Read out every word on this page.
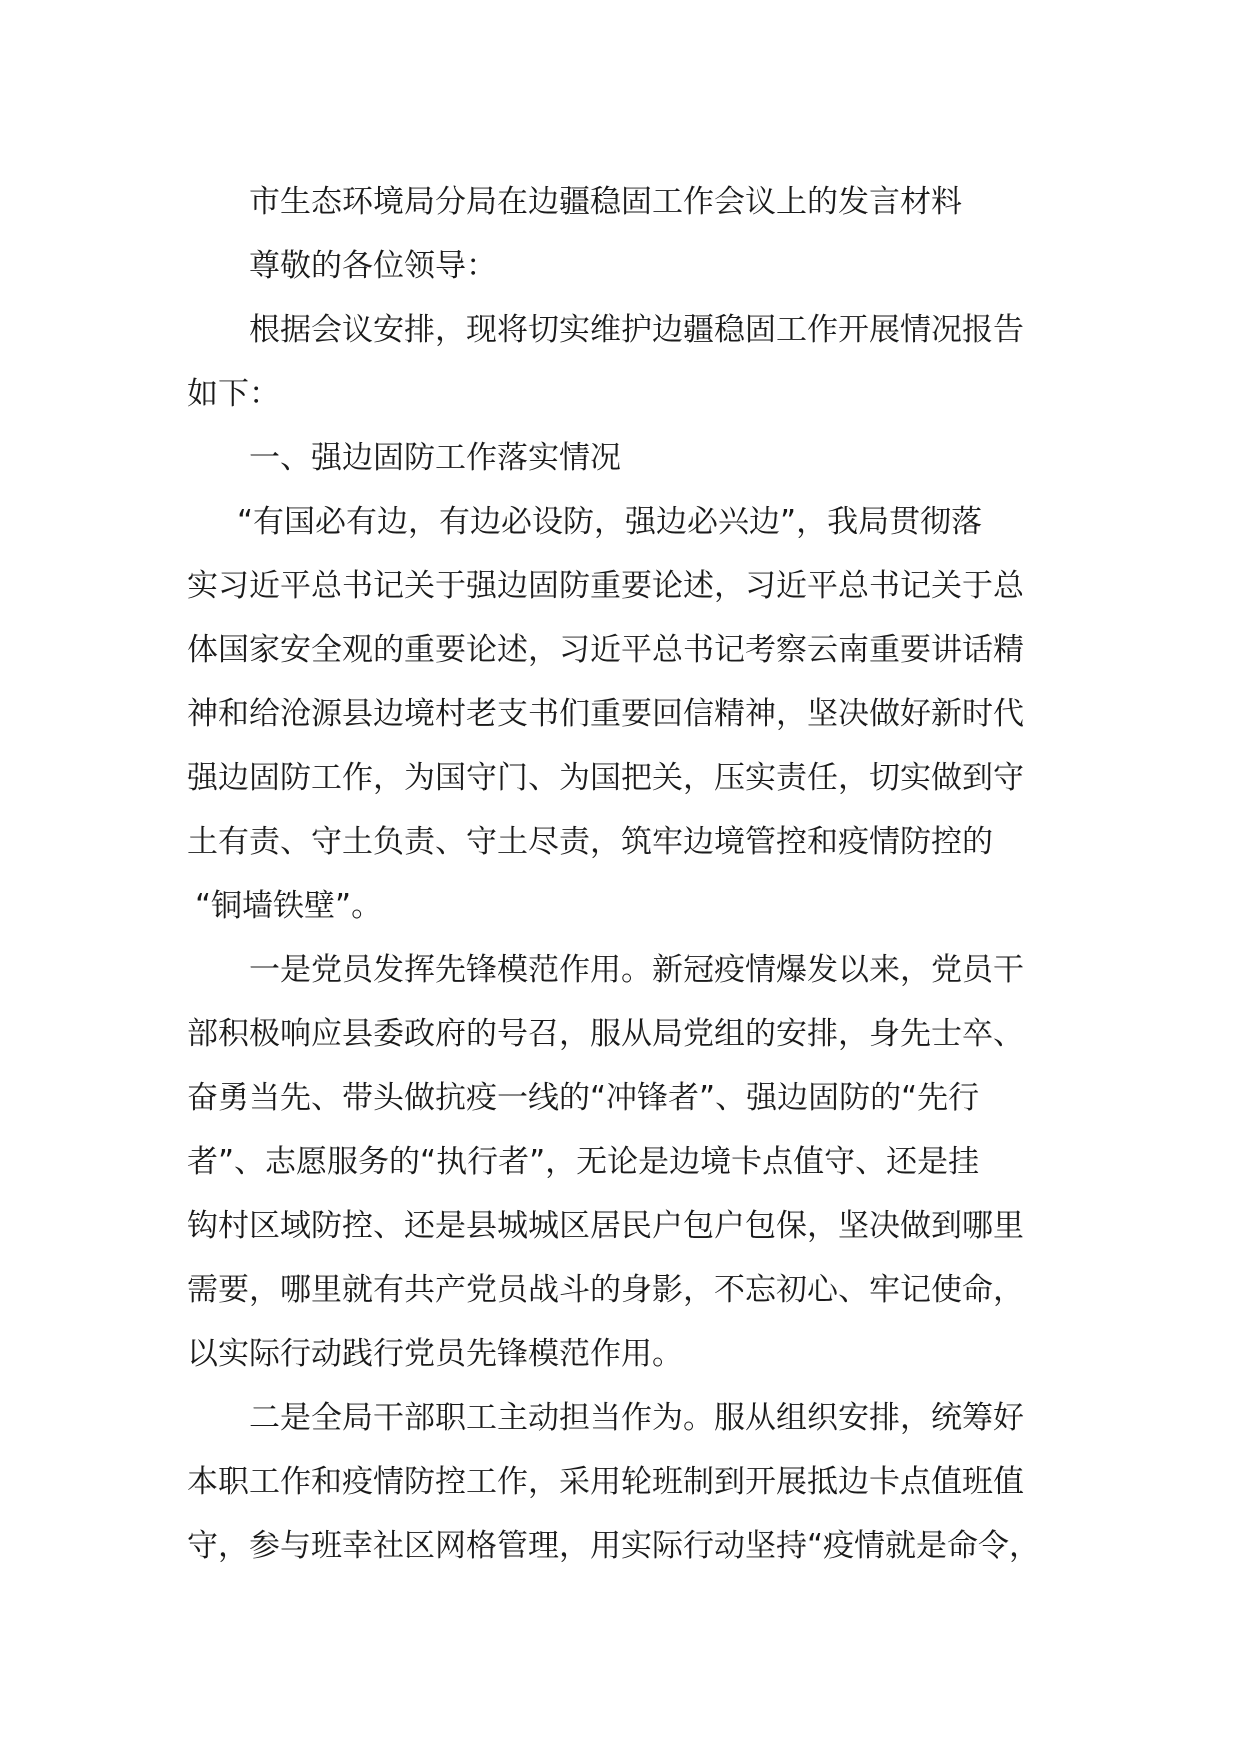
市生态环境局分局在边疆稳固工作会议上的发言材料
尊敬的各位领导：
根据会议安排，现将切实维护边疆稳固工作开展情况报告
如下：
一、强边固防工作落实情况
“有国必有边，有边必设防，强边必兴边”，我局贯彻落
实习近平总书记关于强边固防重要论述，习近平总书记关于总
体国家安全观的重要论述，习近平总书记考察云南重要讲话精
神和给沧源县边境村老支书们重要回信精神，坚决做好新时代
强边固防工作，为国守门、为国把关，压实责任，切实做到守
土有责、守土负责、守土尽责，筑牢边境管控和疫情防控的
“铜墙铁壁”。
一是党员发挥先锋模范作用。新冠疫情爆发以来，党员干
部积极响应县委政府的号召，服从局党组的安排，身先士卒、
奋勇当先、带头做抗疫一线的“冲锋者”、强边固防的“先行
者”、志愿服务的“执行者”，无论是边境卡点值守、还是挂
钩村区域防控、还是县城城区居民户包户包保，坚决做到哪里
需要，哪里就有共产党员战斗的身影，不忘初心、牢记使命，
以实际行动践行党员先锋模范作用。
二是全局干部职工主动担当作为。服从组织安排，统筹好
本职工作和疫情防控工作，采用轮班制到开展抵边卡点值班值
守，参与班幸社区网格管理，用实际行动坚持“疫情就是命令，
